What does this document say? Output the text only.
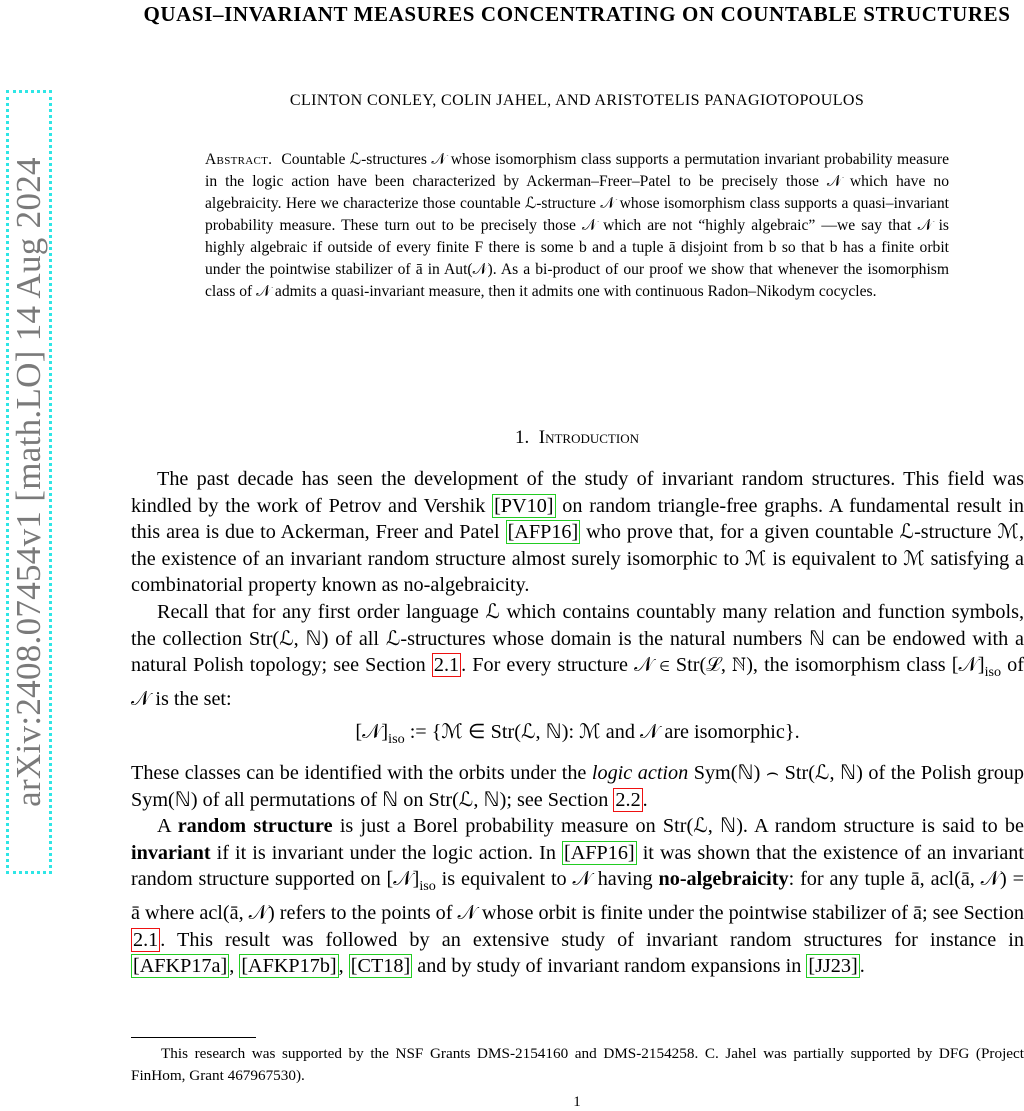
arXiv:2408.07454v1 [math.LO] 14 Aug 2024
QUASI–INVARIANT MEASURES CONCENTRATING ON COUNTABLE STRUCTURES
CLINTON CONLEY, COLIN JAHEL, AND ARISTOTELIS PANAGIOTOPOULOS

Abstract. Countable ℒ-structures 𝒩 whose isomorphism class supports a permutation invariant probability measure in the logic action have been characterized by Ackerman–Freer–Patel to be precisely those 𝒩 which have no algebraicity. Here we characterize those countable ℒ-structure 𝒩 whose isomorphism class supports a quasi–invariant probability measure. These turn out to be precisely those 𝒩 which are not “highly algebraic” —we say that 𝒩 is highly algebraic if outside of every finite F there is some b and a tuple ā disjoint from b so that b has a finite orbit under the pointwise stabilizer of ā in Aut(𝒩). As a bi-product of our proof we show that whenever the isomorphism class of 𝒩 admits a quasi-invariant measure, then it admits one with continuous Radon–Nikodym cocycles.

1. Introduction

The past decade has seen the development of the study of invariant random structures. This field was kindled by the work of Petrov and Vershik [PV10] on random triangle-free graphs. A fundamental result in this area is due to Ackerman, Freer and Patel [AFP16] who prove that, for a given countable ℒ-structure ℳ, the existence of an invariant random structure almost surely isomorphic to ℳ is equivalent to ℳ satisfying a combinatorial property known as no-algebraicity.

Recall that for any first order language ℒ which contains countably many relation and function symbols, the collection Str(ℒ, ℕ) of all ℒ-structures whose domain is the natural numbers ℕ can be endowed with a natural Polish topology; see Section 2.1. For every structure 𝒩 ∈ Str(ℒ, ℕ), the isomorphism class $[𝒩]_{iso}$ of 𝒩 is the set:

$[𝒩]_{iso}$ := {ℳ ∈ Str(ℒ, ℕ): ℳ and 𝒩 are isomorphic}.

These classes can be identified with the orbits under the logic action Sym(ℕ) ⌢ Str(ℒ, ℕ) of the Polish group Sym(ℕ) of all permutations of ℕ on Str(ℒ, ℕ); see Section 2.2.

A random structure is just a Borel probability measure on Str(ℒ, ℕ). A random structure is said to be invariant if it is invariant under the logic action. In [AFP16] it was shown that the existence of an invariant random structure supported on $[𝒩]_{iso}$ is equivalent to 𝒩 having no-algebraicity: for any tuple ā, acl(ā, 𝒩) = ā where acl(ā, 𝒩) refers to the points of 𝒩 whose orbit is finite under the pointwise stabilizer of ā; see Section 2.1. This result was followed by an extensive study of invariant random structures for instance in [AFKP17a], [AFKP17b], [CT18] and by study of invariant random expansions in [JJ23].

This research was supported by the NSF Grants DMS-2154160 and DMS-2154258. C. Jahel was partially supported by DFG (Project FinHom, Grant 467967530).

1
